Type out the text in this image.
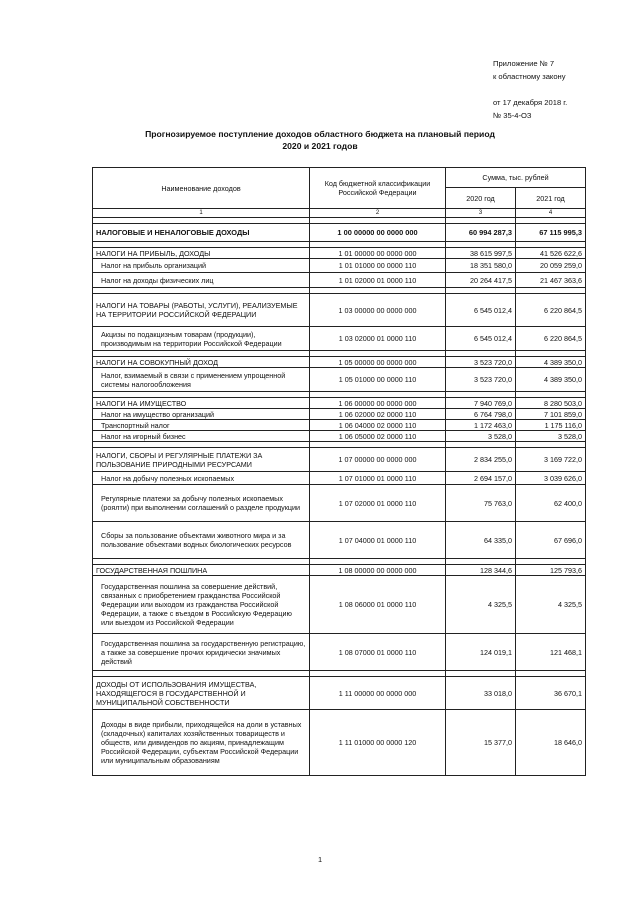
Приложение № 7
к областному закону
от 17 декабря 2018 г.
№ 35-4-ОЗ
Прогнозируемое поступление доходов областного бюджета на плановый период
2020 и 2021 годов
Наименование доходов	Код бюджетной классификации Российской Федерации	Сумма, тыс. рублей	
		2020 год	2021 год
1	2	3	4

НАЛОГОВЫЕ И НЕНАЛОГОВЫЕ ДОХОДЫ	1 00 00000 00 0000 000	60 994 287,3	67 115 995,3

НАЛОГИ НА ПРИБЫЛЬ, ДОХОДЫ	1 01 00000 00 0000 000	38 615 997,5	41 526 622,6
Налог на прибыль организаций	1 01 01000 00 0000 110	18 351 580,0	20 059 259,0
Налог на доходы физических лиц	1 01 02000 01 0000 110	20 264 417,5	21 467 363,6

НАЛОГИ НА ТОВАРЫ (РАБОТЫ, УСЛУГИ), РЕАЛИЗУЕМЫЕ НА ТЕРРИТОРИИ РОССИЙСКОЙ ФЕДЕРАЦИИ	1 03 00000 00 0000 000	6 545 012,4	6 220 864,5
Акцизы по подакцизным товарам (продукции), производимым на территории Российской Федерации	1 03 02000 01 0000 110	6 545 012,4	6 220 864,5

НАЛОГИ НА СОВОКУПНЫЙ ДОХОД	1 05 00000 00 0000 000	3 523 720,0	4 389 350,0
Налог, взимаемый в связи с применением упрощенной системы налогообложения	1 05 01000 00 0000 110	3 523 720,0	4 389 350,0

НАЛОГИ НА ИМУЩЕСТВО	1 06 00000 00 0000 000	7 940 769,0	8 280 503,0
Налог на имущество организаций	1 06 02000 02 0000 110	6 764 798,0	7 101 859,0
Транспортный налог	1 06 04000 02 0000 110	1 172 463,0	1 175 116,0
Налог на игорный бизнес	1 06 05000 02 0000 110	3 528,0	3 528,0

НАЛОГИ, СБОРЫ И РЕГУЛЯРНЫЕ ПЛАТЕЖИ ЗА ПОЛЬЗОВАНИЕ ПРИРОДНЫМИ РЕСУРСАМИ	1 07 00000 00 0000 000	2 834 255,0	3 169 722,0
Налог на добычу полезных ископаемых	1 07 01000 01 0000 110	2 694 157,0	3 039 626,0
Регулярные платежи за добычу полезных ископаемых (роялти) при выполнении соглашений о разделе продукции	1 07 02000 01 0000 110	75 763,0	62 400,0
Сборы за пользование объектами животного мира и за пользование объектами водных биологических ресурсов	1 07 04000 01 0000 110	64 335,0	67 696,0

ГОСУДАРСТВЕННАЯ ПОШЛИНА	1 08 00000 00 0000 000	128 344,6	125 793,6
Государственная пошлина за совершение действий, связанных с приобретением гражданства Российской Федерации или выходом из гражданства Российской Федерации, а также с въездом в Российскую Федерацию или выездом из Российской Федерации	1 08 06000 01 0000 110	4 325,5	4 325,5
Государственная пошлина за государственную регистрацию, а также за совершение прочих юридически значимых действий	1 08 07000 01 0000 110	124 019,1	121 468,1

ДОХОДЫ ОТ ИСПОЛЬЗОВАНИЯ ИМУЩЕСТВА, НАХОДЯЩЕГОСЯ В ГОСУДАРСТВЕННОЙ И МУНИЦИПАЛЬНОЙ СОБСТВЕННОСТИ	1 11 00000 00 0000 000	33 018,0	36 670,1
Доходы в виде прибыли, приходящейся на доли в уставных (складочных) капиталах хозяйственных товариществ и обществ, или дивидендов по акциям, принадлежащим Российской Федерации, субъектам Российской Федерации или муниципальным образованиям	1 11 01000 00 0000 120	15 377,0	18 646,0
1
